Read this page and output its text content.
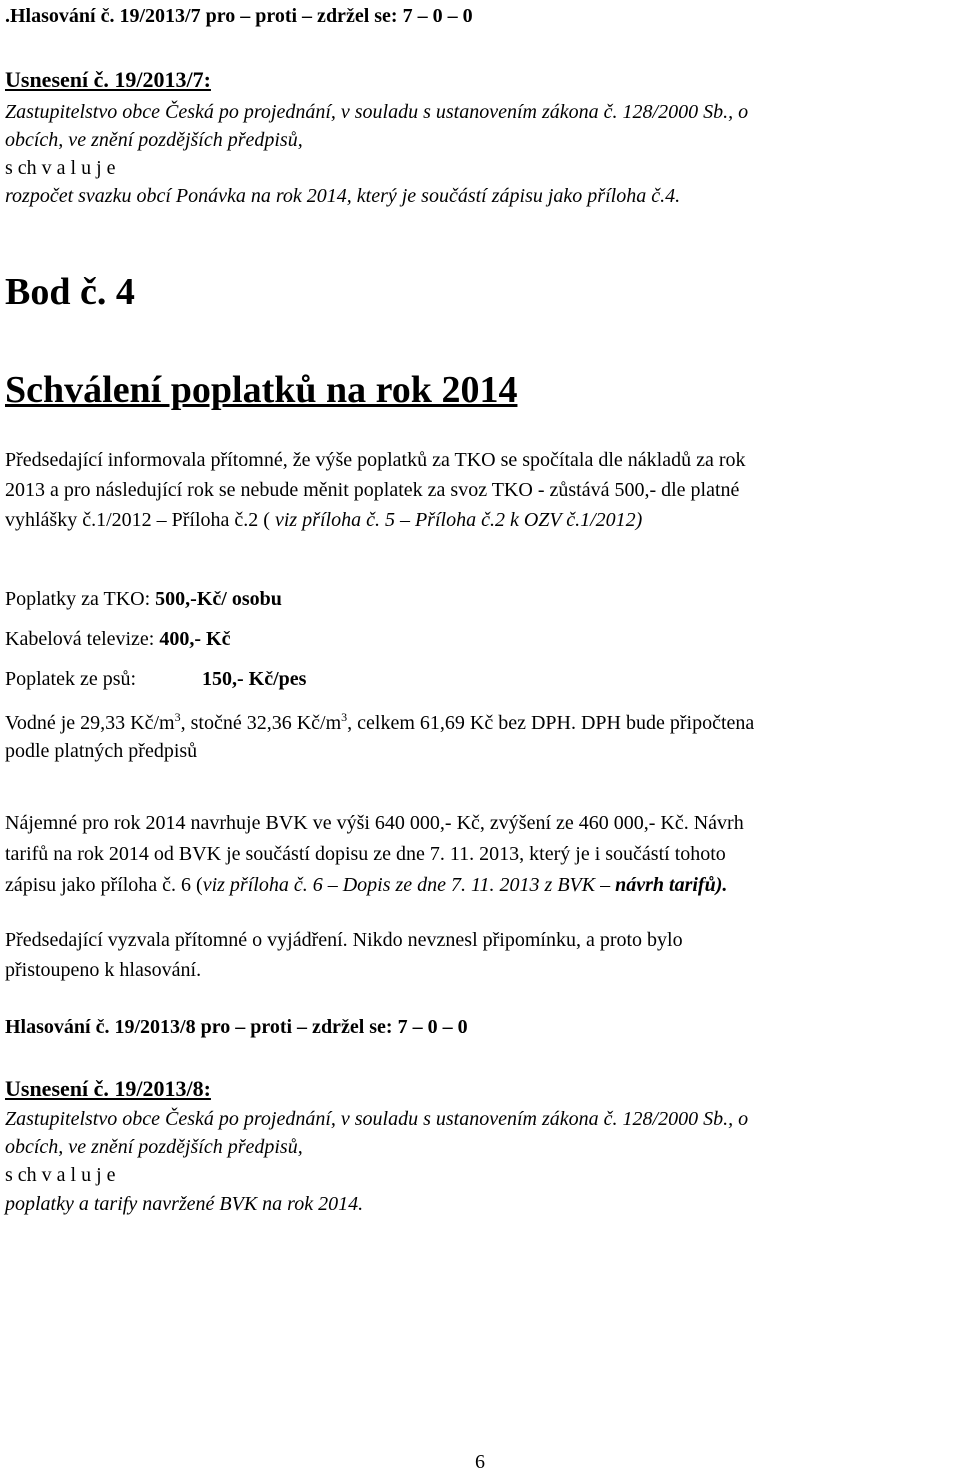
.Hlasování č. 19/2013/7 pro – proti – zdržel se: 7 – 0 – 0
Usnesení č. 19/2013/7:
Zastupitelstvo obce Česká po projednání, v souladu s ustanovením zákona č. 128/2000 Sb., o
obcích, ve znění pozdějších předpisů,
s ch v a l u j e
rozpočet svazku obcí Ponávka na rok 2014, který je součástí zápisu jako příloha č.4.
Bod č. 4
Schválení poplatků na rok 2014
Předsedající informovala přítomné, že výše poplatků za TKO se spočítala dle nákladů za rok
2013 a pro následující rok se nebude měnit poplatek za svoz TKO - zůstává 500,- dle platné
vyhlášky č.1/2012 – Příloha č.2 ( viz příloha č. 5 – Příloha č.2 k OZV č.1/2012)
Poplatky za TKO: 500,-Kč/ osobu
Kabelová televize: 400,- Kč
Poplatek ze psů:	150,- Kč/pes
Vodné je 29,33 $Kč/m^3$, stočné 32,36 $Kč/m^3$, celkem 61,69 Kč bez DPH. DPH bude připočtena
podle platných předpisů
Nájemné pro rok 2014 navrhuje BVK ve výši 640 000,- Kč, zvýšení ze 460 000,- Kč. Návrh
tarifů na rok 2014 od BVK je součástí dopisu ze dne 7. 11. 2013, který je i součástí tohoto
zápisu jako příloha č. 6 (viz příloha č. 6 – Dopis ze dne 7. 11. 2013 z BVK – návrh tarifů).
Předsedající vyzvala přítomné o vyjádření. Nikdo nevznesl připomínku, a proto bylo
přistoupeno k hlasování.
Hlasování č. 19/2013/8 pro – proti – zdržel se: 7 – 0 – 0
Usnesení č. 19/2013/8:
Zastupitelstvo obce Česká po projednání, v souladu s ustanovením zákona č. 128/2000 Sb., o
obcích, ve znění pozdějších předpisů,
s ch v a l u j e
poplatky a tarify navržené BVK na rok 2014.
6
